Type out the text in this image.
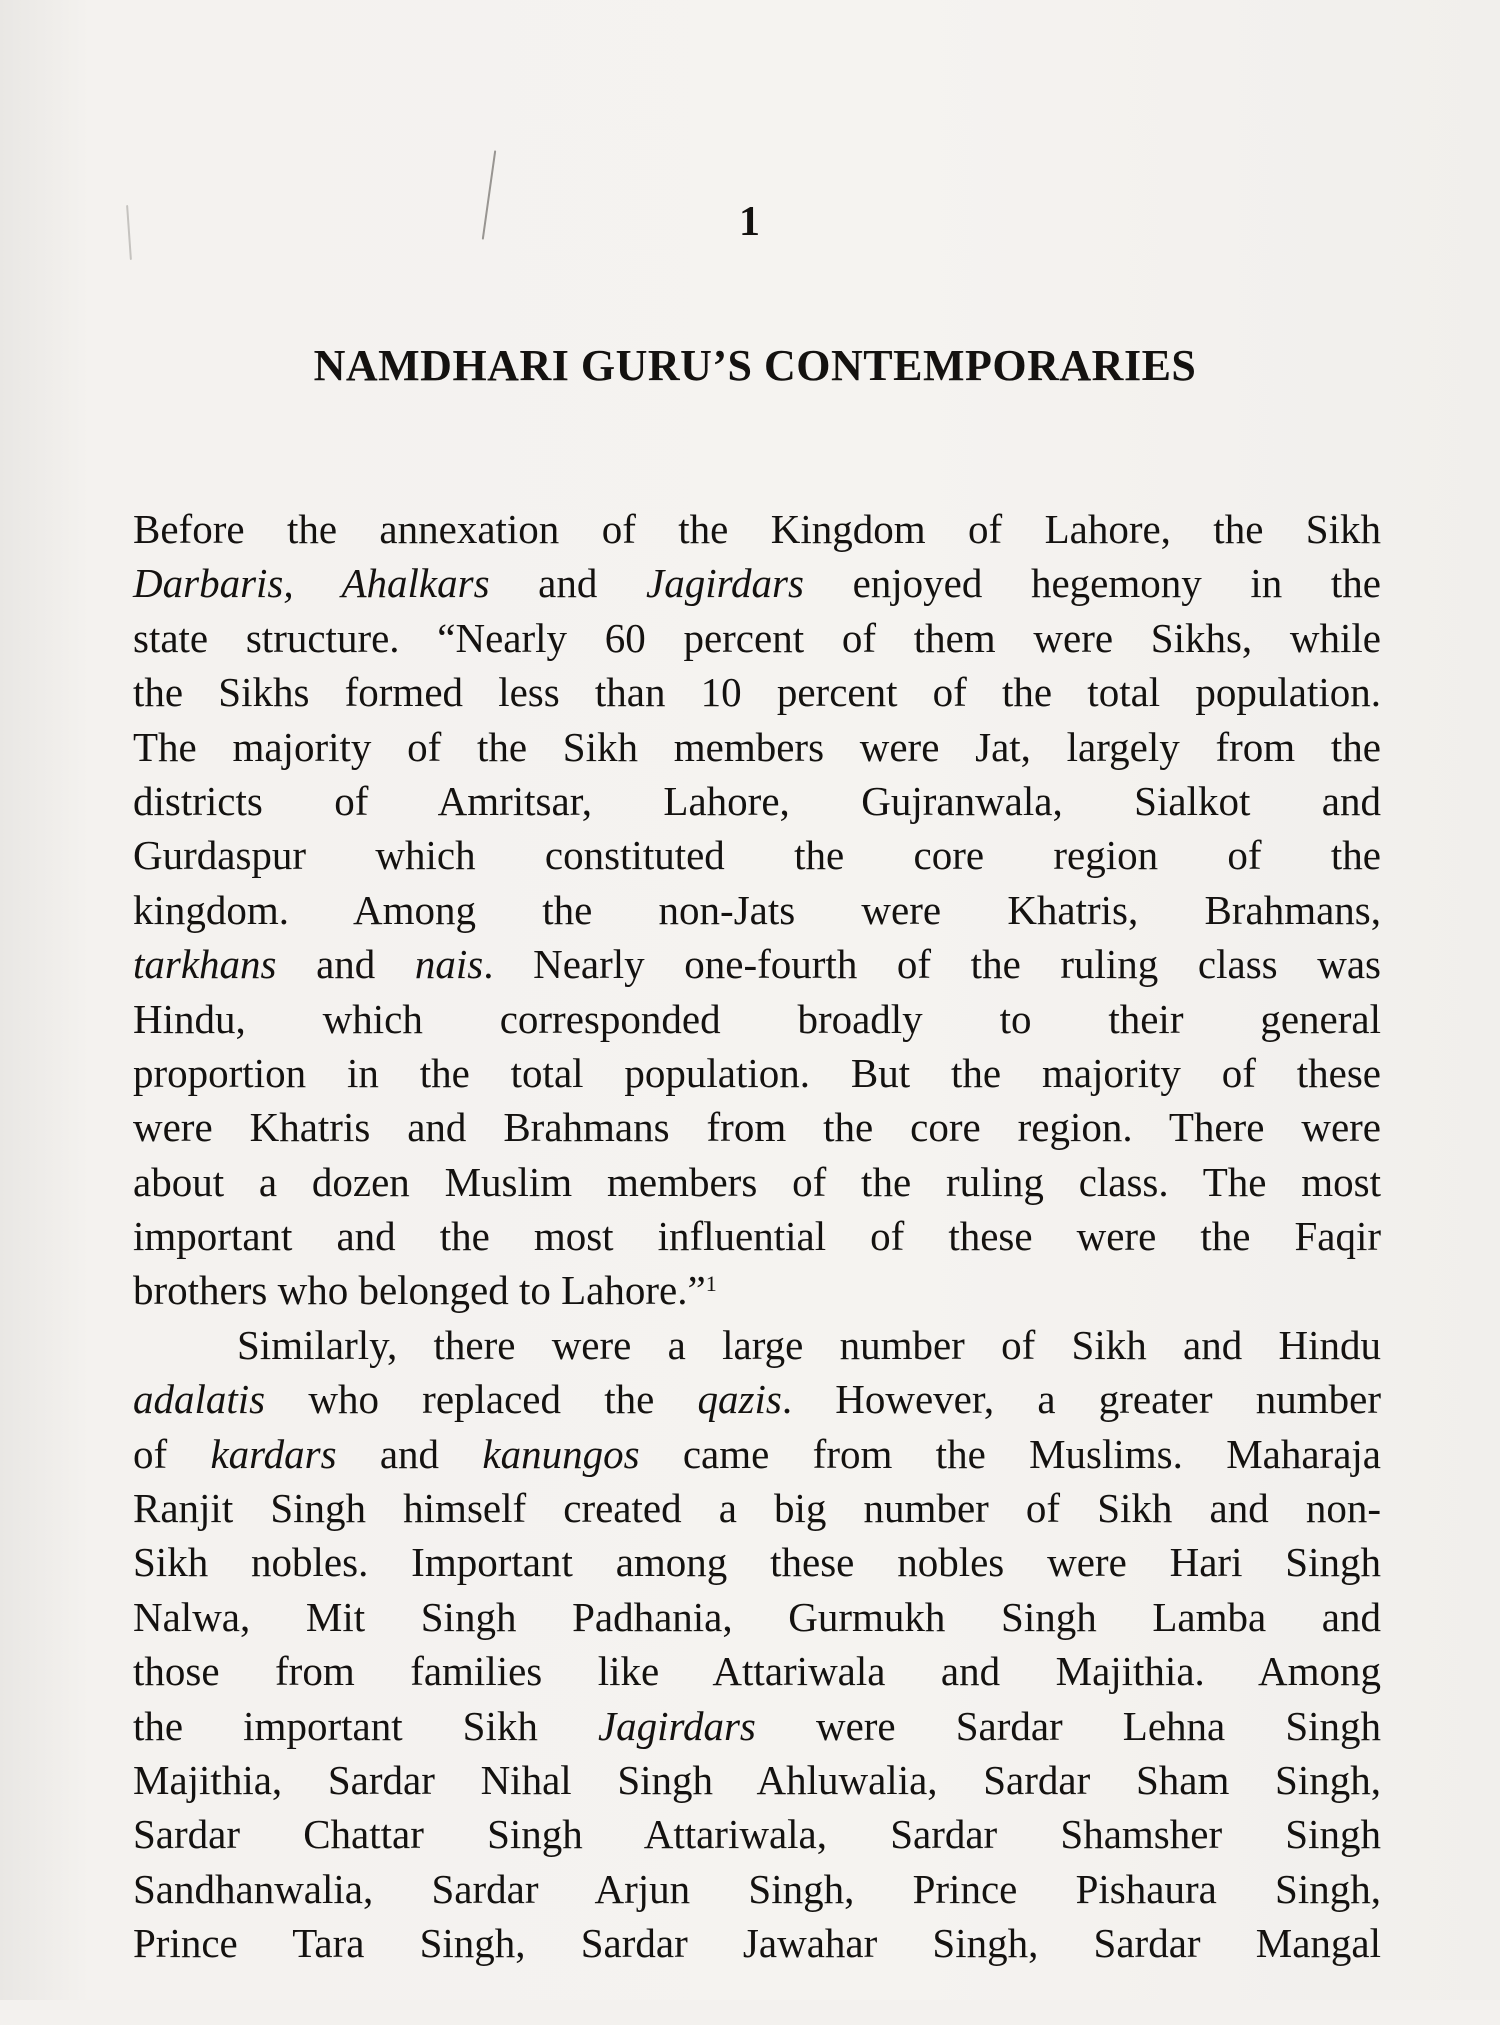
1
NAMDHARI GURU’S CONTEMPORARIES
Before the annexation of the Kingdom of Lahore, the Sikh
Darbaris, Ahalkars and Jagirdars enjoyed hegemony in the
state structure. “Nearly 60 percent of them were Sikhs, while
the Sikhs formed less than 10 percent of the total population.
The majority of the Sikh members were Jat, largely from the
districts of Amritsar, Lahore, Gujranwala, Sialkot and
Gurdaspur which constituted the core region of the
kingdom. Among the non-Jats were Khatris, Brahmans,
tarkhans and nais. Nearly one-fourth of the ruling class was
Hindu, which corresponded broadly to their general
proportion in the total population. But the majority of these
were Khatris and Brahmans from the core region. There were
about a dozen Muslim members of the ruling class. The most
important and the most influential of these were the Faqir
brothers who belonged to Lahore.”$^1$
Similarly, there were a large number of Sikh and Hindu
adalatis who replaced the qazis. However, a greater number
of kardars and kanungos came from the Muslims. Maharaja
Ranjit Singh himself created a big number of Sikh and non-
Sikh nobles. Important among these nobles were Hari Singh
Nalwa, Mit Singh Padhania, Gurmukh Singh Lamba and
those from families like Attariwala and Majithia. Among
the important Sikh Jagirdars were Sardar Lehna Singh
Majithia, Sardar Nihal Singh Ahluwalia, Sardar Sham Singh,
Sardar Chattar Singh Attariwala, Sardar Shamsher Singh
Sandhanwalia, Sardar Arjun Singh, Prince Pishaura Singh,
Prince Tara Singh, Sardar Jawahar Singh, Sardar Mangal
